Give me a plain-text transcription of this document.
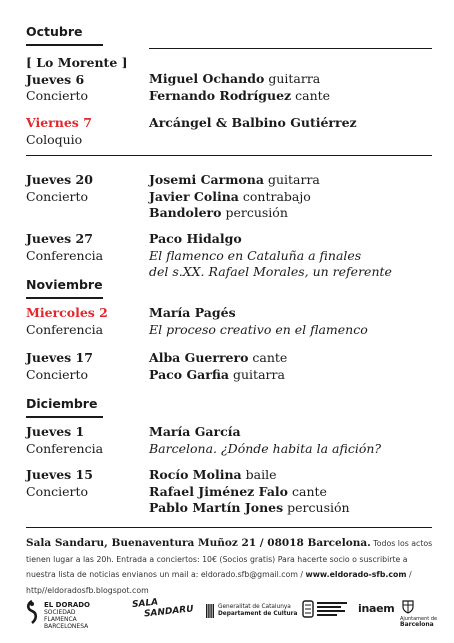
Octubre
[ Lo Morente ]
Jueves 6
Concierto
Miguel Ochando guitarra
Fernando Rodríguez cante
Viernes 7
Coloquio
Arcángel & Balbino Gutiérrez
Jueves 20
Concierto
Josemi Carmona guitarra
Javier Colina contrabajo
Bandolero percusión
Jueves 27
Conferencia
Paco Hidalgo
El flamenco en Cataluña a finales
del s.XX. Rafael Morales, un referente
Noviembre
Miercoles 2
Conferencia
María Pagés
El proceso creativo en el flamenco
Jueves 17
Concierto
Alba Guerrero cante
Paco Garfia guitarra
Diciembre
Jueves 1
Conferencia
María García
Barcelona. ¿Dónde habita la afición?
Jueves 15
Concierto
Rocío Molina baile
Rafael Jiménez Falo cante
Pablo Martín Jones percusión
Sala Sandaru, Buenaventura Muñoz 21 / 08018 Barcelona. Todos los actos tienen lugar a las 20h. Entrada a conciertos: 10€ (Socios gratis) Para hacerte socio o suscribirte a nuestra lista de noticias envianos un mail a: eldorado.sfb@gmail.com / www.eldorado-sfb.com / http//eldoradosfb.blogspot.com
EL DORADO
SOCIEDAD FLAMENCA
BARCELONESA
SALA
SANDARU	Generalitat de Catalunya
Departament de Cultura	inaem
Ajuntament de
Barcelona
